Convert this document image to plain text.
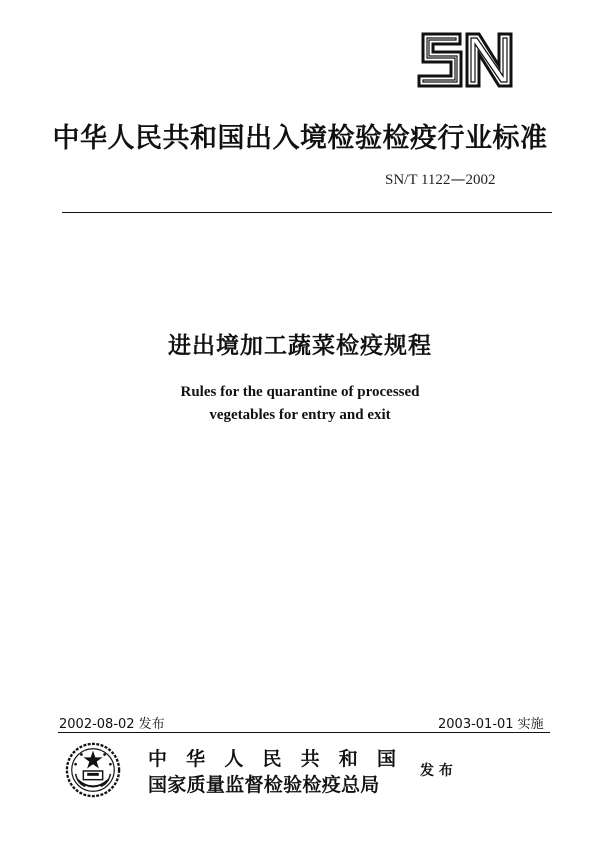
中华人民共和国出入境检验检疫行业标准
SN/T 1122—2002
进出境加工蔬菜检疫规程
Rules for the quarantine of processed
vegetables for entry and exit
2002-08-02 发布	2003-01-01 实施
中 华 人 民 共 和 国
国家质量监督检验检疫总局
发 布
